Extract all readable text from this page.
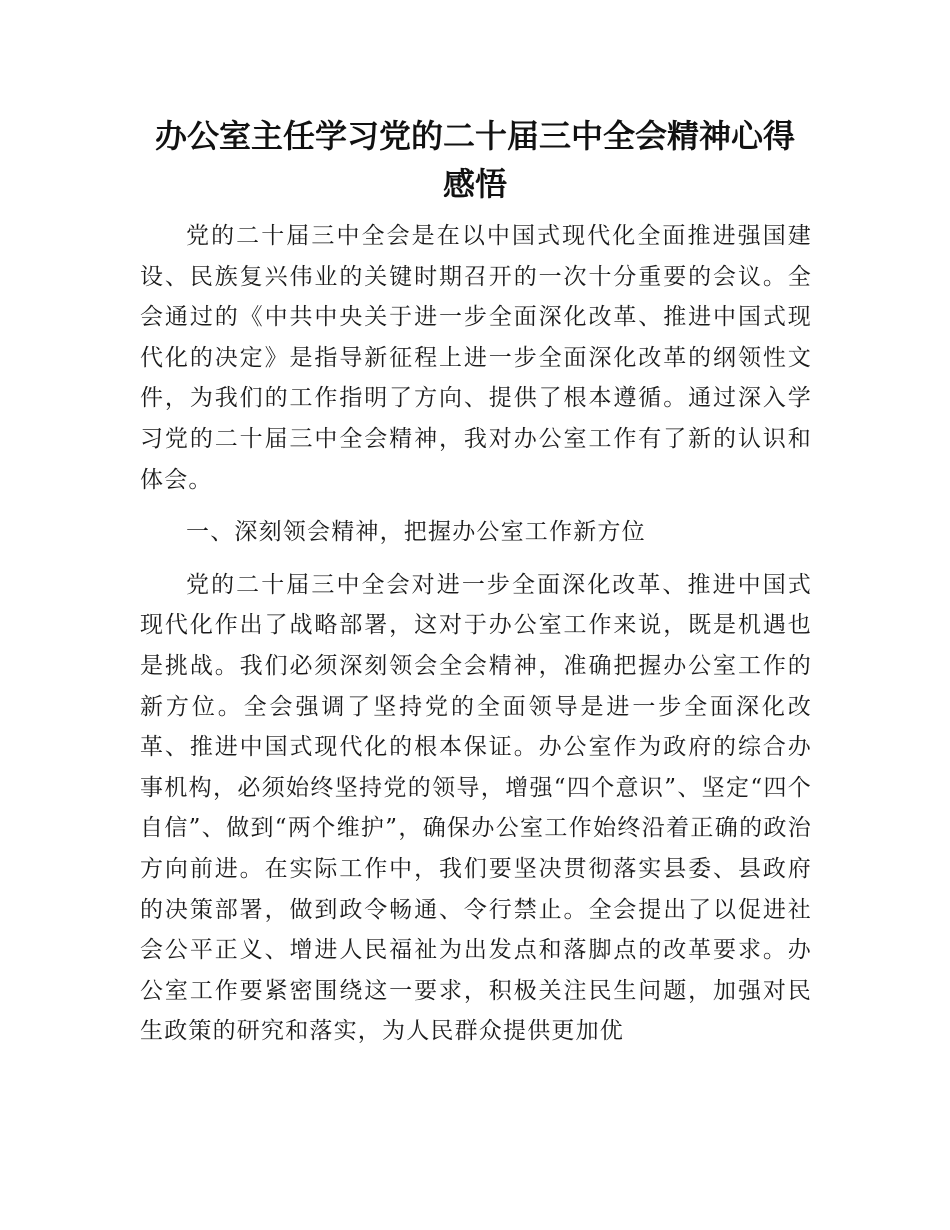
办公室主任学习党的二十届三中全会精神心得感悟

党的二十届三中全会是在以中国式现代化全面推进强国建设、民族复兴伟业的关键时期召开的一次十分重要的会议。全会通过的《中共中央关于进一步全面深化改革、推进中国式现代化的决定》是指导新征程上进一步全面深化改革的纲领性文件，为我们的工作指明了方向、提供了根本遵循。通过深入学习党的二十届三中全会精神，我对办公室工作有了新的认识和体会。

一、深刻领会精神，把握办公室工作新方位

党的二十届三中全会对进一步全面深化改革、推进中国式现代化作出了战略部署，这对于办公室工作来说，既是机遇也是挑战。我们必须深刻领会全会精神，准确把握办公室工作的新方位。全会强调了坚持党的全面领导是进一步全面深化改革、推进中国式现代化的根本保证。办公室作为政府的综合办事机构，必须始终坚持党的领导，增强“四个意识”、坚定“四个自信”、做到“两个维护”，确保办公室工作始终沿着正确的政治方向前进。在实际工作中，我们要坚决贯彻落实县委、县政府的决策部署，做到政令畅通、令行禁止。全会提出了以促进社会公平正义、增进人民福祉为出发点和落脚点的改革要求。办公室工作要紧密围绕这一要求，积极关注民生问题，加强对民生政策的研究和落实，为人民群众提供更加优
